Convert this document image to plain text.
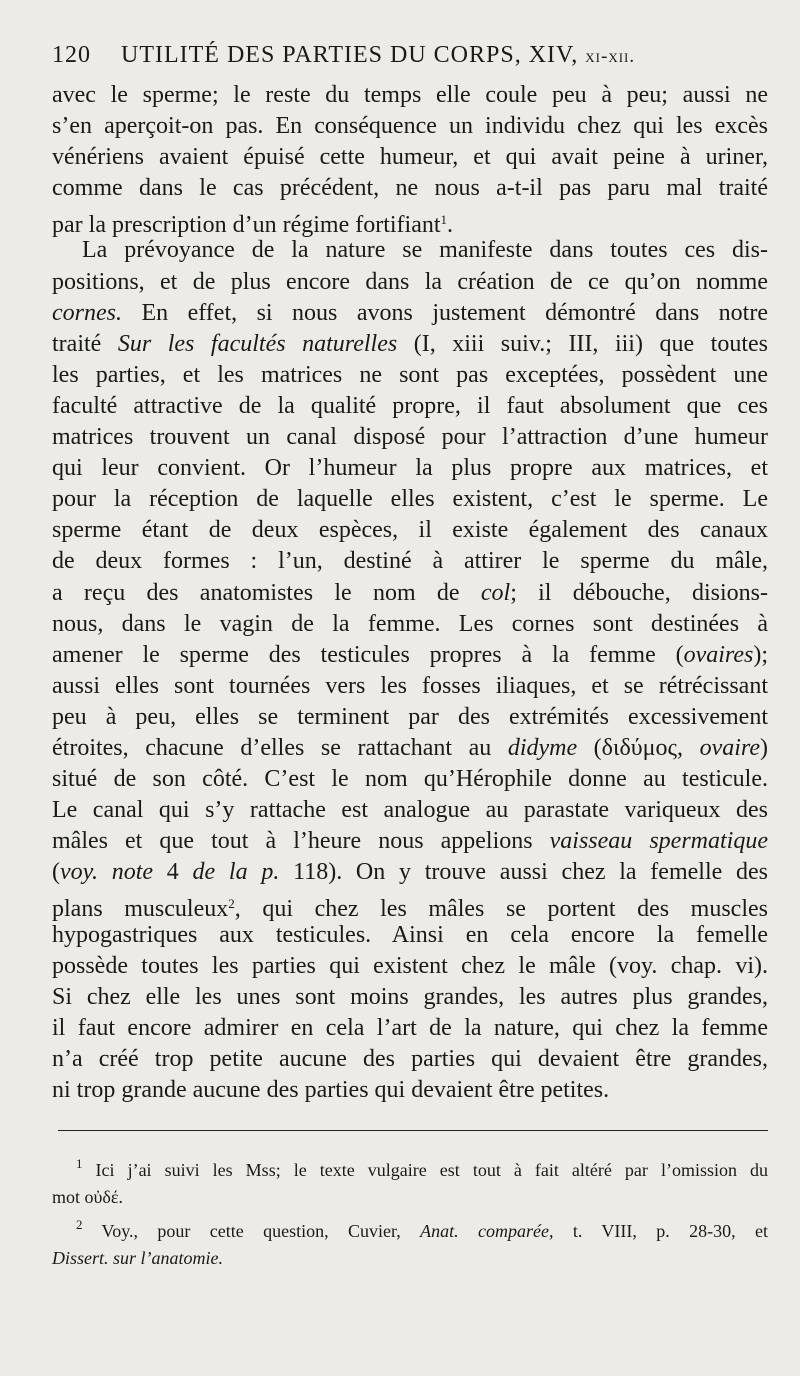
120 UTILITÉ DES PARTIES DU CORPS, XIV, xi-xii.
avec le sperme; le reste du temps elle coule peu à peu; aussi ne
s’en aperçoit-on pas. En conséquence un individu chez qui les excès
vénériens avaient épuisé cette humeur, et qui avait peine à uriner,
comme dans le cas précédent, ne nous a-t-il pas paru mal traité
par la prescription d’un régime fortifiant$^1$.
La prévoyance de la nature se manifeste dans toutes ces dis-
positions, et de plus encore dans la création de ce qu’on nomme
cornes. En effet, si nous avons justement démontré dans notre
traité Sur les facultés naturelles (I, xiii suiv.; III, iii) que toutes
les parties, et les matrices ne sont pas exceptées, possèdent une
faculté attractive de la qualité propre, il faut absolument que ces
matrices trouvent un canal disposé pour l’attraction d’une humeur
qui leur convient. Or l’humeur la plus propre aux matrices, et
pour la réception de laquelle elles existent, c’est le sperme. Le
sperme étant de deux espèces, il existe également des canaux
de deux formes : l’un, destiné à attirer le sperme du mâle,
a reçu des anatomistes le nom de col; il débouche, disions-
nous, dans le vagin de la femme. Les cornes sont destinées à
amener le sperme des testicules propres à la femme (ovaires);
aussi elles sont tournées vers les fosses iliaques, et se rétrécissant
peu à peu, elles se terminent par des extrémités excessivement
étroites, chacune d’elles se rattachant au didyme (διδύμος, ovaire)
situé de son côté. C’est le nom qu’Hérophile donne au testicule.
Le canal qui s’y rattache est analogue au parastate variqueux des
mâles et que tout à l’heure nous appelions vaisseau spermatique
(voy. note 4 de la p. 118). On y trouve aussi chez la femelle des
plans musculeux$^2$, qui chez les mâles se portent des muscles
hypogastriques aux testicules. Ainsi en cela encore la femelle
possède toutes les parties qui existent chez le mâle (voy. chap. vi).
Si chez elle les unes sont moins grandes, les autres plus grandes,
il faut encore admirer en cela l’art de la nature, qui chez la femme
n’a créé trop petite aucune des parties qui devaient être grandes,
ni trop grande aucune des parties qui devaient être petites.
$^1$ Ici j’ai suivi les Mss; le texte vulgaire est tout à fait altéré par l’omission du
mot οὐδέ.
$^2$ Voy., pour cette question, Cuvier, Anat. comparée, t. VIII, p. 28-30, et
Dissert. sur l’anatomie.
